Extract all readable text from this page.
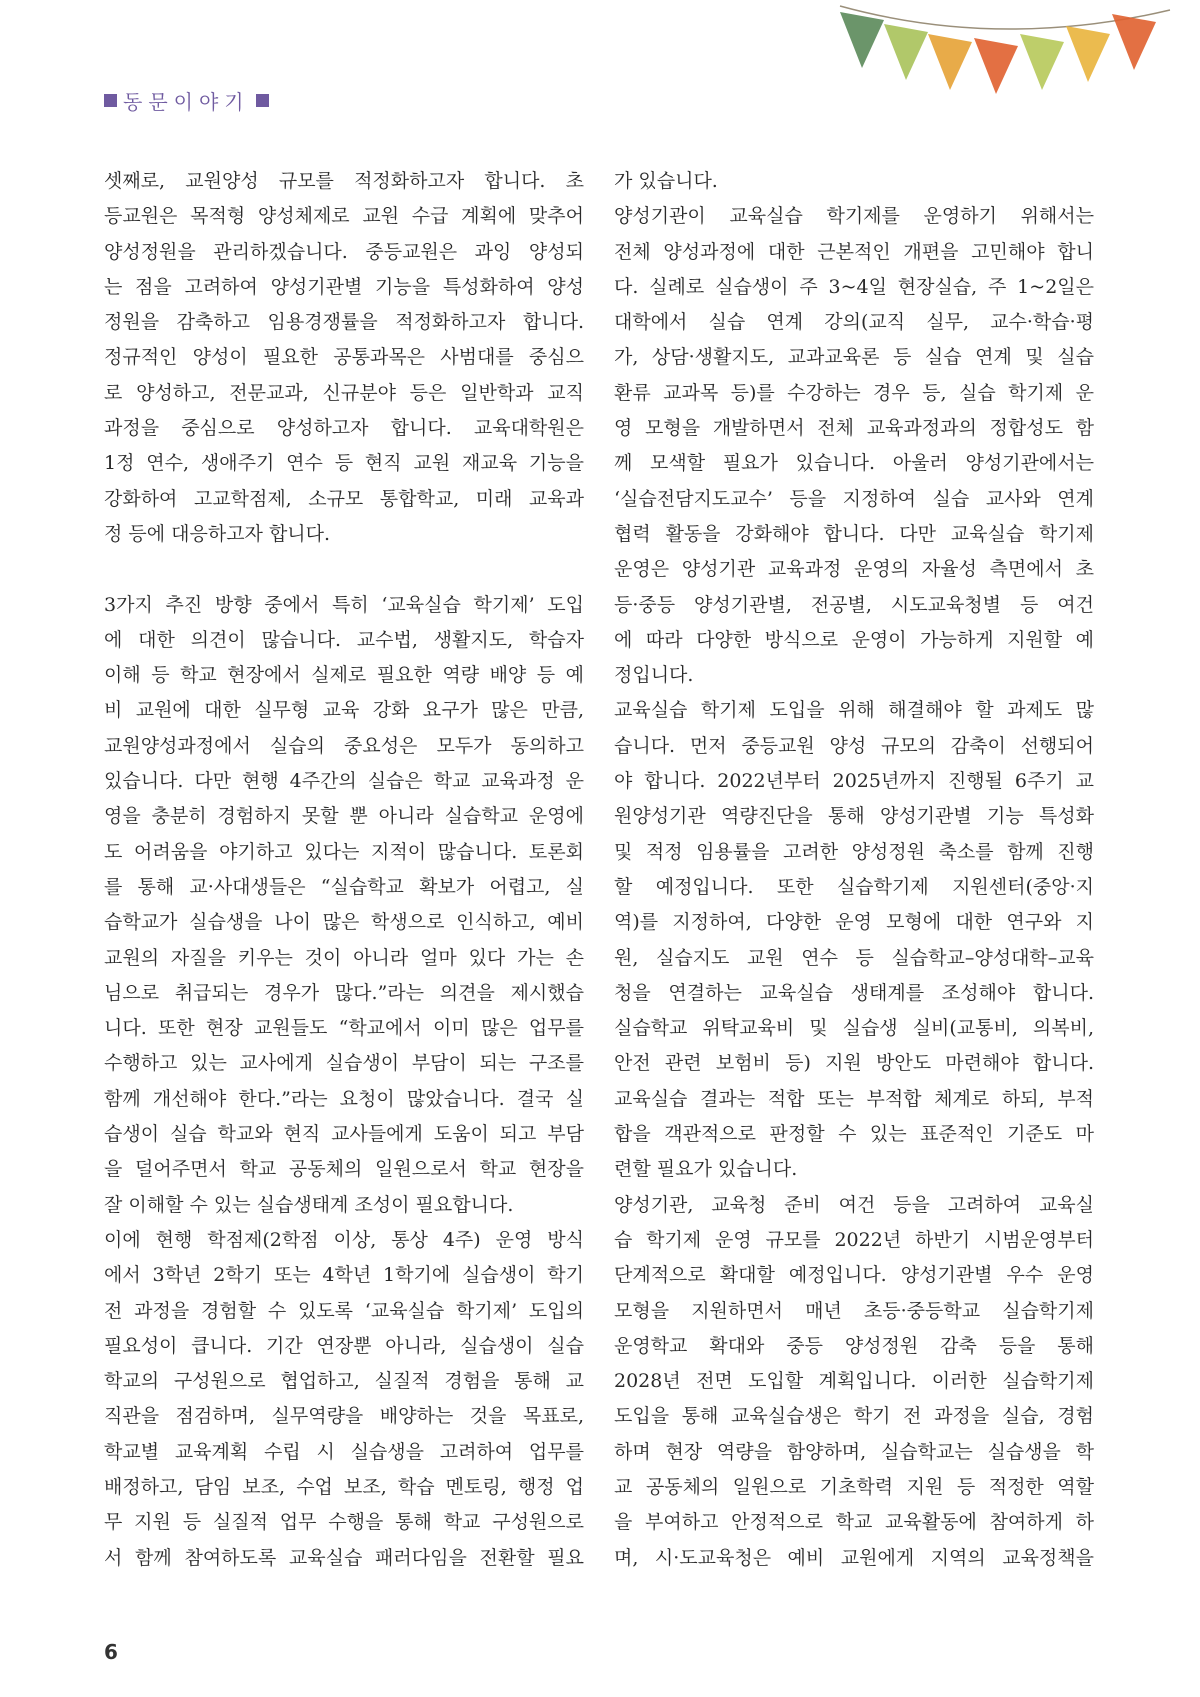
동문이야기
셋째로, 교원양성 규모를 적정화하고자 합니다. 초
등교원은 목적형 양성체제로 교원 수급 계획에 맞추어
양성정원을 관리하겠습니다. 중등교원은 과잉 양성되
는 점을 고려하여 양성기관별 기능을 특성화하여 양성
정원을 감축하고 임용경쟁률을 적정화하고자 합니다.
정규적인 양성이 필요한 공통과목은 사범대를 중심으
로 양성하고, 전문교과, 신규분야 등은 일반학과 교직
과정을 중심으로 양성하고자 합니다. 교육대학원은
1정 연수, 생애주기 연수 등 현직 교원 재교육 기능을
강화하여 고교학점제, 소규모 통합학교, 미래 교육과
정 등에 대응하고자 합니다.
3가지 추진 방향 중에서 특히 ‘교육실습 학기제’ 도입
에 대한 의견이 많습니다. 교수법, 생활지도, 학습자
이해 등 학교 현장에서 실제로 필요한 역량 배양 등 예
비 교원에 대한 실무형 교육 강화 요구가 많은 만큼,
교원양성과정에서 실습의 중요성은 모두가 동의하고
있습니다. 다만 현행 4주간의 실습은 학교 교육과정 운
영을 충분히 경험하지 못할 뿐 아니라 실습학교 운영에
도 어려움을 야기하고 있다는 지적이 많습니다. 토론회
를 통해 교·사대생들은 “실습학교 확보가 어렵고, 실
습학교가 실습생을 나이 많은 학생으로 인식하고, 예비
교원의 자질을 키우는 것이 아니라 얼마 있다 가는 손
님으로 취급되는 경우가 많다.”라는 의견을 제시했습
니다. 또한 현장 교원들도 “학교에서 이미 많은 업무를
수행하고 있는 교사에게 실습생이 부담이 되는 구조를
함께 개선해야 한다.”라는 요청이 많았습니다. 결국 실
습생이 실습 학교와 현직 교사들에게 도움이 되고 부담
을 덜어주면서 학교 공동체의 일원으로서 학교 현장을
잘 이해할 수 있는 실습생태계 조성이 필요합니다.
이에 현행 학점제(2학점 이상, 통상 4주) 운영 방식
에서 3학년 2학기 또는 4학년 1학기에 실습생이 학기
전 과정을 경험할 수 있도록 ‘교육실습 학기제’ 도입의
필요성이 큽니다. 기간 연장뿐 아니라, 실습생이 실습
학교의 구성원으로 협업하고, 실질적 경험을 통해 교
직관을 점검하며, 실무역량을 배양하는 것을 목표로,
학교별 교육계획 수립 시 실습생을 고려하여 업무를
배정하고, 담임 보조, 수업 보조, 학습 멘토링, 행정 업
무 지원 등 실질적 업무 수행을 통해 학교 구성원으로
서 함께 참여하도록 교육실습 패러다임을 전환할 필요
가 있습니다.
양성기관이 교육실습 학기제를 운영하기 위해서는
전체 양성과정에 대한 근본적인 개편을 고민해야 합니
다. 실례로 실습생이 주 3~4일 현장실습, 주 1~2일은
대학에서 실습 연계 강의(교직 실무, 교수·학습·평
가, 상담·생활지도, 교과교육론 등 실습 연계 및 실습
환류 교과목 등)를 수강하는 경우 등, 실습 학기제 운
영 모형을 개발하면서 전체 교육과정과의 정합성도 함
께 모색할 필요가 있습니다. 아울러 양성기관에서는
‘실습전담지도교수’ 등을 지정하여 실습 교사와 연계
협력 활동을 강화해야 합니다. 다만 교육실습 학기제
운영은 양성기관 교육과정 운영의 자율성 측면에서 초
등·중등 양성기관별, 전공별, 시도교육청별 등 여건
에 따라 다양한 방식으로 운영이 가능하게 지원할 예
정입니다.
교육실습 학기제 도입을 위해 해결해야 할 과제도 많
습니다. 먼저 중등교원 양성 규모의 감축이 선행되어
야 합니다. 2022년부터 2025년까지 진행될 6주기 교
원양성기관 역량진단을 통해 양성기관별 기능 특성화
및 적정 임용률을 고려한 양성정원 축소를 함께 진행
할 예정입니다. 또한 실습학기제 지원센터(중앙·지
역)를 지정하여, 다양한 운영 모형에 대한 연구와 지
원, 실습지도 교원 연수 등 실습학교–양성대학–교육
청을 연결하는 교육실습 생태계를 조성해야 합니다.
실습학교 위탁교육비 및 실습생 실비(교통비, 의복비,
안전 관련 보험비 등) 지원 방안도 마련해야 합니다.
교육실습 결과는 적합 또는 부적합 체계로 하되, 부적
합을 객관적으로 판정할 수 있는 표준적인 기준도 마
련할 필요가 있습니다.
양성기관, 교육청 준비 여건 등을 고려하여 교육실
습 학기제 운영 규모를 2022년 하반기 시범운영부터
단계적으로 확대할 예정입니다. 양성기관별 우수 운영
모형을 지원하면서 매년 초등·중등학교 실습학기제
운영학교 확대와 중등 양성정원 감축 등을 통해
2028년 전면 도입할 계획입니다. 이러한 실습학기제
도입을 통해 교육실습생은 학기 전 과정을 실습, 경험
하며 현장 역량을 함양하며, 실습학교는 실습생을 학
교 공동체의 일원으로 기초학력 지원 등 적정한 역할
을 부여하고 안정적으로 학교 교육활동에 참여하게 하
며, 시·도교육청은 예비 교원에게 지역의 교육정책을
6
